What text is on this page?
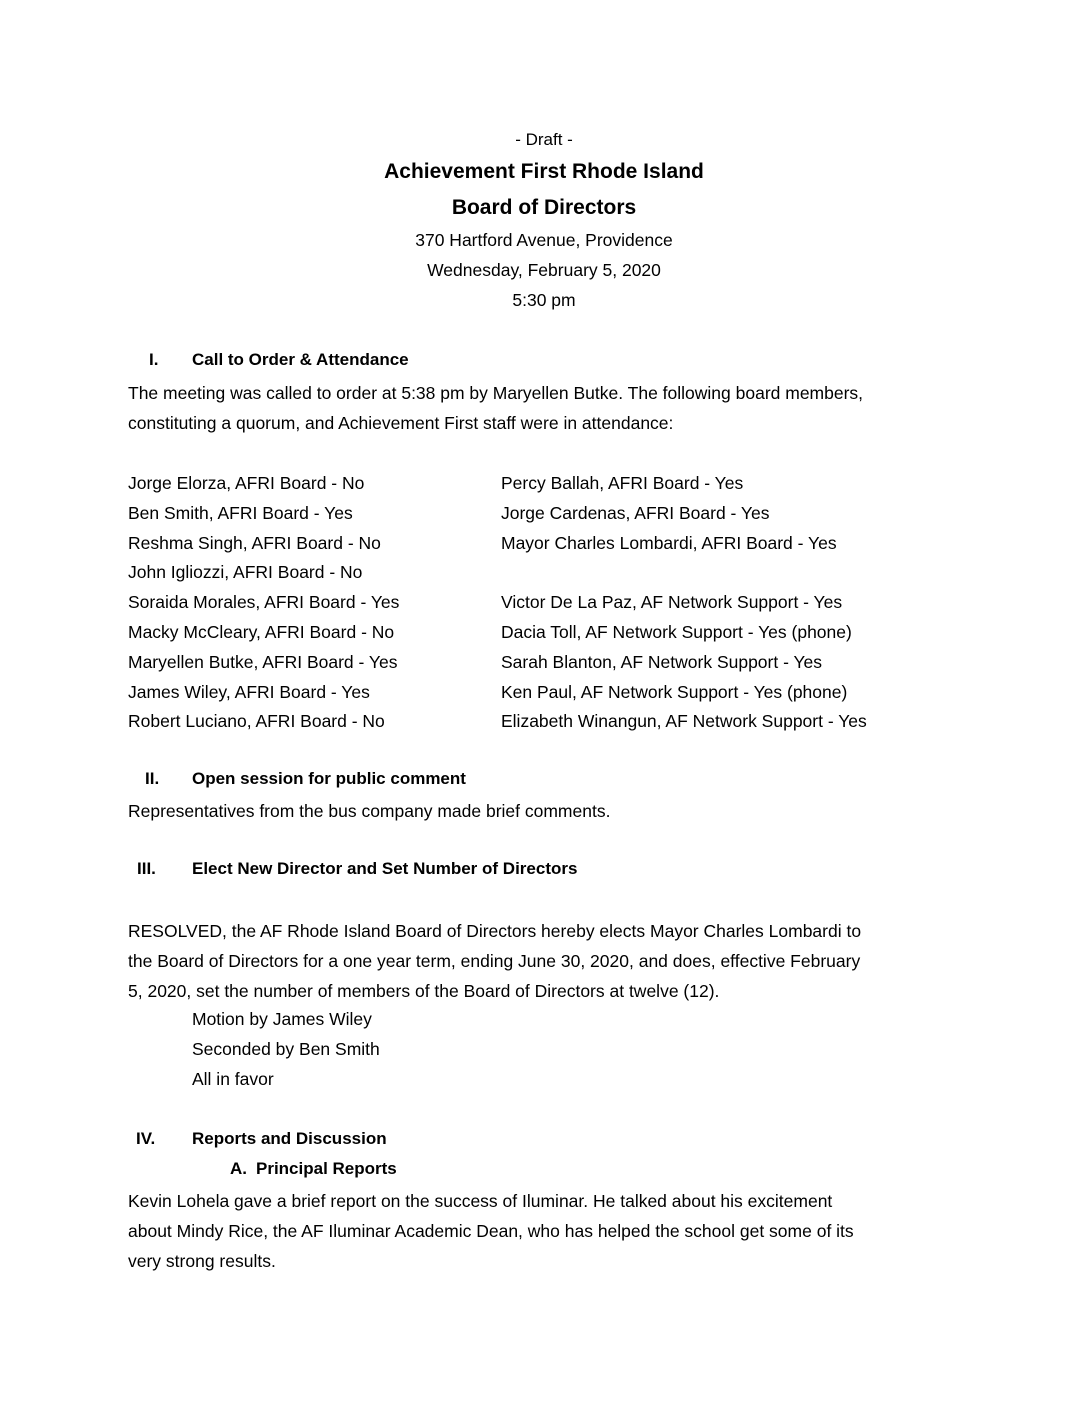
- Draft -
Achievement First Rhode Island
Board of Directors
370 Hartford Avenue, Providence
Wednesday, February 5, 2020
5:30 pm
I. Call to Order & Attendance
The meeting was called to order at 5:38 pm by Maryellen Butke. The following board members,
constituting a quorum, and Achievement First staff were in attendance:
Jorge Elorza, AFRI Board - No
Ben Smith, AFRI Board - Yes
Reshma Singh, AFRI Board - No
John Igliozzi, AFRI Board - No
Soraida Morales, AFRI Board - Yes
Macky McCleary, AFRI Board - No
Maryellen Butke, AFRI Board - Yes
James Wiley, AFRI Board - Yes
Robert Luciano, AFRI Board - No
Percy Ballah, AFRI Board - Yes
Jorge Cardenas, AFRI Board - Yes
Mayor Charles Lombardi, AFRI Board - Yes
Victor De La Paz, AF Network Support - Yes
Dacia Toll, AF Network Support - Yes (phone)
Sarah Blanton, AF Network Support - Yes
Ken Paul, AF Network Support - Yes (phone)
Elizabeth Winangun, AF Network Support - Yes
II. Open session for public comment
Representatives from the bus company made brief comments.
III. Elect New Director and Set Number of Directors
RESOLVED, the AF Rhode Island Board of Directors hereby elects Mayor Charles Lombardi to
the Board of Directors for a one year term, ending June 30, 2020, and does, effective February
5, 2020, set the number of members of the Board of Directors at twelve (12).
Motion by James Wiley
Seconded by Ben Smith
All in favor
IV. Reports and Discussion
A. Principal Reports
Kevin Lohela gave a brief report on the success of Iluminar. He talked about his excitement
about Mindy Rice, the AF Iluminar Academic Dean, who has helped the school get some of its
very strong results.
